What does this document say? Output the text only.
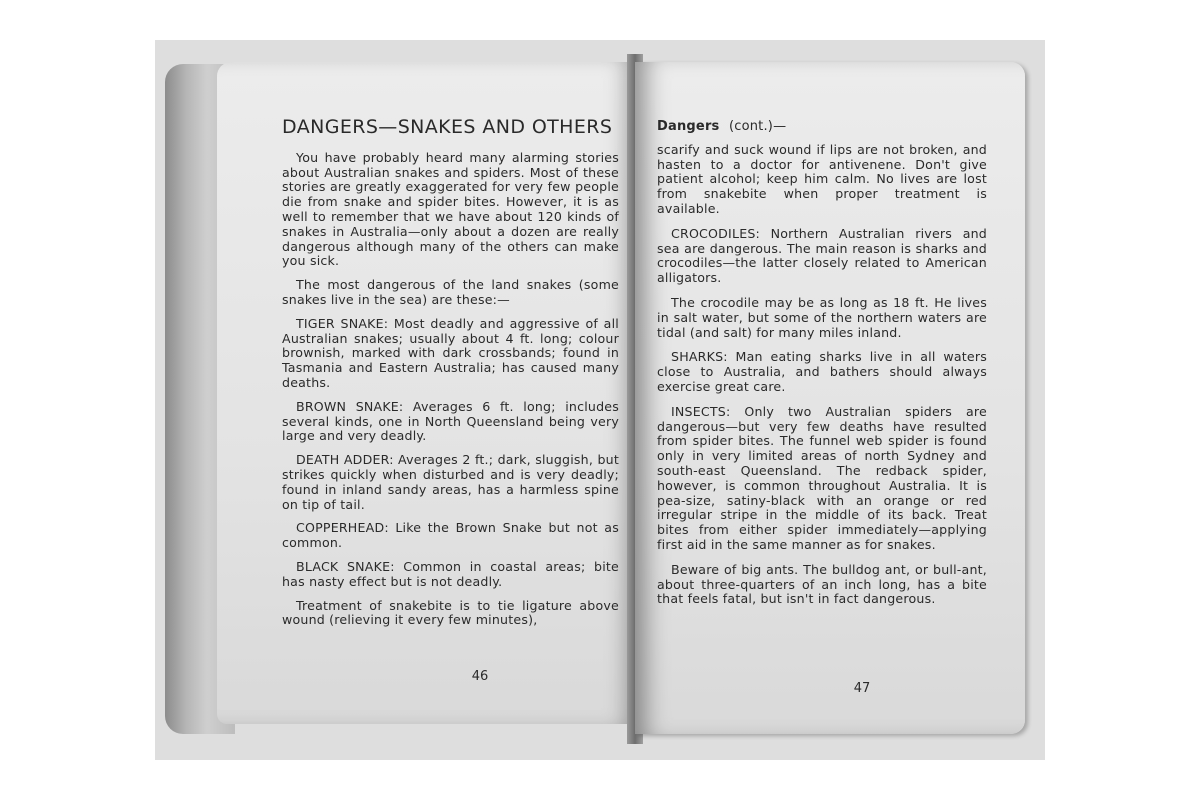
DANGERS—SNAKES AND OTHERS

You have probably heard many alarming stories about Australian snakes and spiders. Most of these stories are greatly exaggerated for very few people die from snake and spider bites. However, it is as well to remember that we have about 120 kinds of snakes in Australia—only about a dozen are really dangerous although many of the others can make you sick.

The most dangerous of the land snakes (some snakes live in the sea) are these:—

TIGER SNAKE: Most deadly and aggressive of all Australian snakes; usually about 4 ft. long; colour brownish, marked with dark crossbands; found in Tasmania and Eastern Australia; has caused many deaths.

BROWN SNAKE: Averages 6 ft. long; includes several kinds, one in North Queensland being very large and very deadly.

DEATH ADDER: Averages 2 ft.; dark, sluggish, but strikes quickly when disturbed and is very deadly; found in inland sandy areas, has a harmless spine on tip of tail.

COPPERHEAD: Like the Brown Snake but not as common.

BLACK SNAKE: Common in coastal areas; bite has nasty effect but is not deadly.

Treatment of snakebite is to tie ligature above wound (relieving it every few minutes),

46
Dangers (cont.)—

scarify and suck wound if lips are not broken, and hasten to a doctor for antivenene. Don't give patient alcohol; keep him calm. No lives are lost from snakebite when proper treatment is available.

CROCODILES: Northern Australian rivers and sea are dangerous. The main reason is sharks and crocodiles—the latter closely related to American alligators.

The crocodile may be as long as 18 ft. He lives in salt water, but some of the northern waters are tidal (and salt) for many miles inland.

SHARKS: Man eating sharks live in all waters close to Australia, and bathers should always exercise great care.

INSECTS: Only two Australian spiders are dangerous—but very few deaths have resulted from spider bites. The funnel web spider is found only in very limited areas of north Sydney and south-east Queensland. The redback spider, however, is common throughout Australia. It is pea-size, satiny-black with an orange or red irregular stripe in the middle of its back. Treat bites from either spider immediately—applying first aid in the same manner as for snakes.

Beware of big ants. The bulldog ant, or bull-ant, about three-quarters of an inch long, has a bite that feels fatal, but isn't in fact dangerous.

47
